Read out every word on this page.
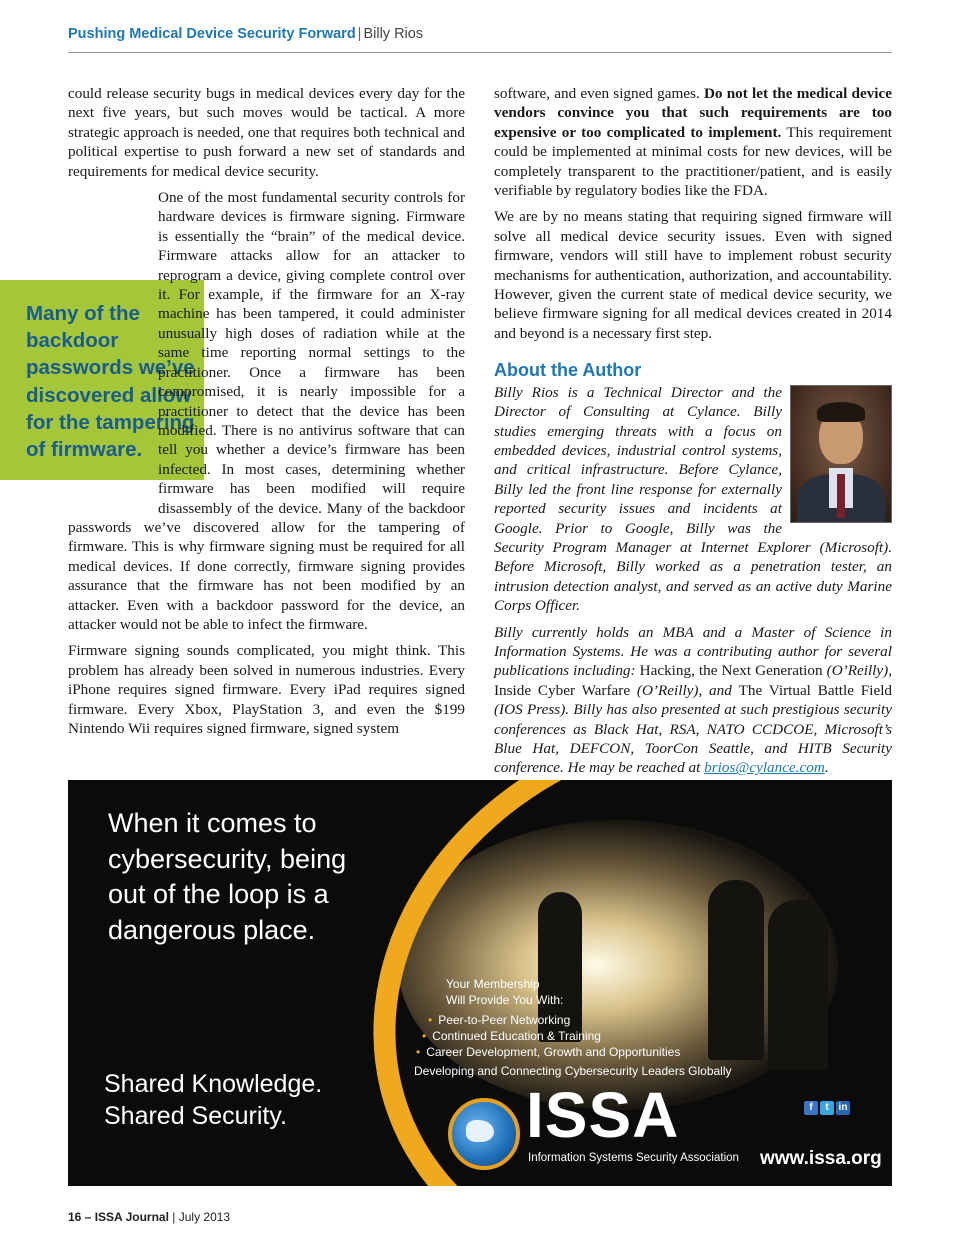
Pushing Medical Device Security Forward | Billy Rios
Many of the backdoor passwords we’ve discovered allow for the tampering of firmware.

could release security bugs in medical devices every day for the next five years, but such moves would be tactical. A more strategic approach is needed, one that requires both technical and political expertise to push forward a new set of standards and requirements for medical device security.

One of the most fundamental security controls for hardware devices is firmware signing. Firmware is essentially the “brain” of the medical device. Firmware attacks allow for an attacker to reprogram a device, giving complete control over it. For example, if the firmware for an X-ray machine has been tampered, it could administer unusually high doses of radiation while at the same time reporting normal settings to the practitioner. Once a firmware has been compromised, it is nearly impossible for a practitioner to detect that the device has been modified. There is no antivirus software that can tell you whether a device’s firmware has been infected. In most cases, determining whether firmware has been modified will require disassembly of the device. Many of the backdoor passwords we’ve discovered allow for the tampering of firmware. This is why firmware signing must be required for all medical devices. If done correctly, firmware signing provides assurance that the firmware has not been modified by an attacker. Even with a backdoor password for the device, an attacker would not be able to infect the firmware.

Firmware signing sounds complicated, you might think. This problem has already been solved in numerous industries. Every iPhone requires signed firmware. Every iPad requires signed firmware. Every Xbox, PlayStation 3, and even the $199 Nintendo Wii requires signed firmware, signed system

software, and even signed games. Do not let the medical device vendors convince you that such requirements are too expensive or too complicated to implement. This requirement could be implemented at minimal costs for new devices, will be completely transparent to the practitioner/patient, and is easily verifiable by regulatory bodies like the FDA.

We are by no means stating that requiring signed firmware will solve all medical device security issues. Even with signed firmware, vendors will still have to implement robust security mechanisms for authentication, authorization, and accountability. However, given the current state of medical device security, we believe firmware signing for all medical devices created in 2014 and beyond is a necessary first step.

About the Author

Billy Rios is a Technical Director and the Director of Consulting at Cylance. Billy studies emerging threats with a focus on embedded devices, industrial control systems, and critical infrastructure. Before Cylance, Billy led the front line response for externally reported security issues and incidents at Google. Prior to Google, Billy was the Security Program Manager at Internet Explorer (Microsoft). Before Microsoft, Billy worked as a penetration tester, an intrusion detection analyst, and served as an active duty Marine Corps Officer.

Billy currently holds an MBA and a Master of Science in Information Systems. He was a contributing author for several publications including: Hacking, the Next Generation (O’Reilly), Inside Cyber Warfare (O’Reilly), and The Virtual Battle Field (IOS Press). Billy has also presented at such prestigious security conferences as Black Hat, RSA, NATO CCDCOE, Microsoft’s Blue Hat, DEFCON, ToorCon Seattle, and HITB Security conference. He may be reached at brios@cylance.com.

When it comes to cybersecurity, being out of the loop is a dangerous place.
Shared Knowledge.
Shared Security.
Your Membership
Will Provide You With:
• Peer-to-Peer Networking
• Continued Education & Training
• Career Development, Growth and Opportunities
Developing and Connecting Cybersecurity Leaders Globally
ISSA
Information Systems Security Association
f t in
www.issa.org
16 – ISSA Journal | July 2013
